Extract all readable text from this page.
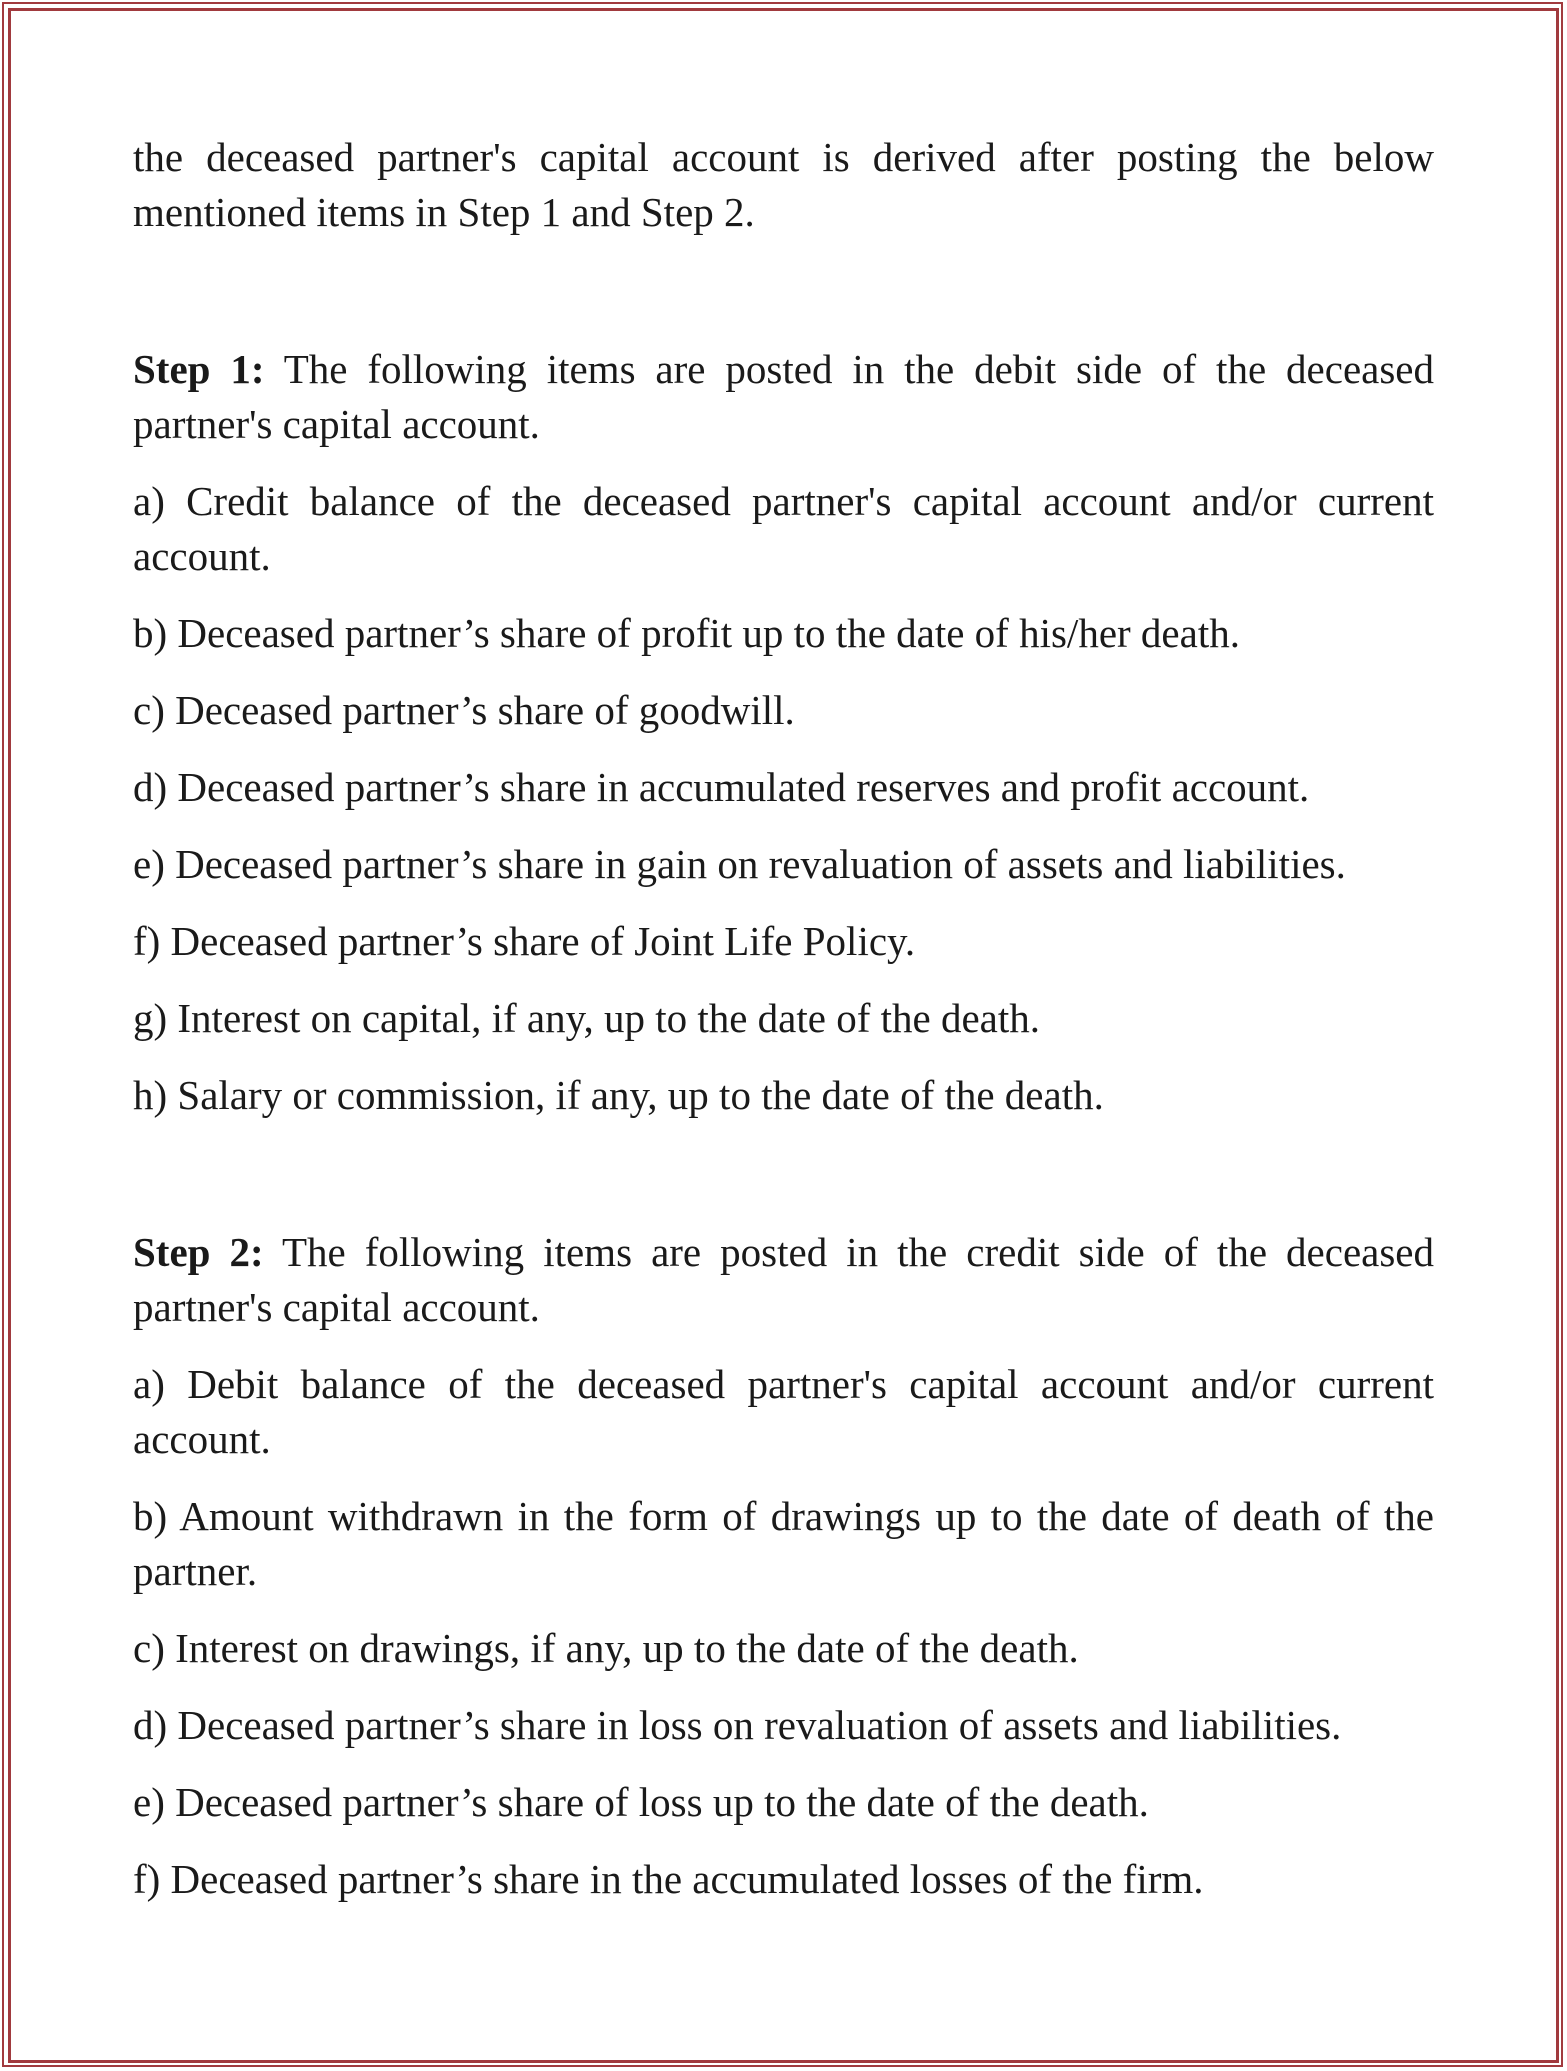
the deceased partner's capital account is derived after posting the below mentioned items in Step 1 and Step 2.

Step 1: The following items are posted in the debit side of the deceased partner's capital account.

a) Credit balance of the deceased partner's capital account and/or current account.

b) Deceased partner’s share of profit up to the date of his/her death.

c) Deceased partner’s share of goodwill.

d) Deceased partner’s share in accumulated reserves and profit account.

e) Deceased partner’s share in gain on revaluation of assets and liabilities.

f) Deceased partner’s share of Joint Life Policy.

g) Interest on capital, if any, up to the date of the death.

h) Salary or commission, if any, up to the date of the death.

Step 2: The following items are posted in the credit side of the deceased partner's capital account.

a) Debit balance of the deceased partner's capital account and/or current account.

b) Amount withdrawn in the form of drawings up to the date of death of the partner.

c) Interest on drawings, if any, up to the date of the death.

d) Deceased partner’s share in loss on revaluation of assets and liabilities.

e) Deceased partner’s share of loss up to the date of the death.

f) Deceased partner’s share in the accumulated losses of the firm.
